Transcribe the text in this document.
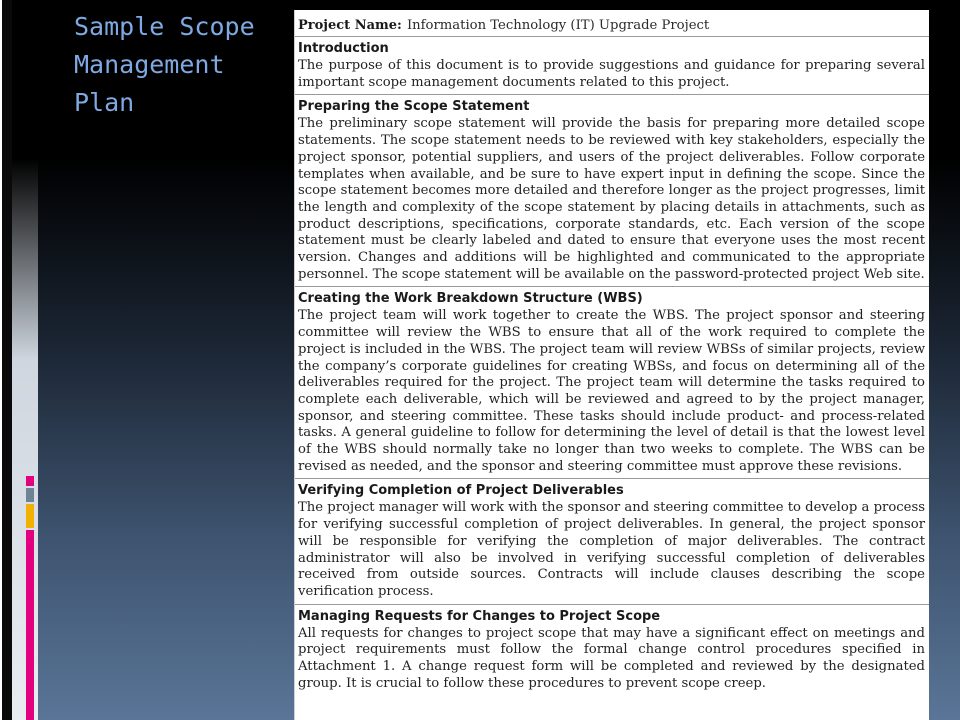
Sample Scope
Management
Plan
Project Name: Information Technology (IT) Upgrade Project
Introduction

The purpose of this document is to provide suggestions and guidance for preparing several important scope management documents related to this project.

Preparing the Scope Statement

The preliminary scope statement will provide the basis for preparing more detailed scope statements. The scope statement needs to be reviewed with key stakeholders, especially the project sponsor, potential suppliers, and users of the project deliverables. Follow corporate templates when available, and be sure to have expert input in defining the scope. Since the scope statement becomes more detailed and therefore longer as the project progresses, limit the length and complexity of the scope statement by placing details in attachments, such as product descriptions, specifications, corporate standards, etc. Each version of the scope statement must be clearly labeled and dated to ensure that everyone uses the most recent version. Changes and additions will be highlighted and communicated to the appropriate personnel. The scope statement will be available on the password-protected project Web site.

Creating the Work Breakdown Structure (WBS)

The project team will work together to create the WBS. The project sponsor and steering committee will review the WBS to ensure that all of the work required to complete the project is included in the WBS. The project team will review WBSs of similar projects, review the company’s corporate guidelines for creating WBSs, and focus on determining all of the deliverables required for the project. The project team will determine the tasks required to complete each deliverable, which will be reviewed and agreed to by the project manager, sponsor, and steering committee. These tasks should include product- and process-related tasks. A general guideline to follow for determining the level of detail is that the lowest level of the WBS should normally take no longer than two weeks to complete. The WBS can be revised as needed, and the sponsor and steering committee must approve these revisions.

Verifying Completion of Project Deliverables

The project manager will work with the sponsor and steering committee to develop a process for verifying successful completion of project deliverables. In general, the project sponsor will be responsible for verifying the completion of major deliverables. The contract administrator will also be involved in verifying successful completion of deliverables received from outside sources. Contracts will include clauses describing the scope verification process.

Managing Requests for Changes to Project Scope

All requests for changes to project scope that may have a significant effect on meetings and project requirements must follow the formal change control procedures specified in Attachment 1. A change request form will be completed and reviewed by the designated group. It is crucial to follow these procedures to prevent scope creep.
